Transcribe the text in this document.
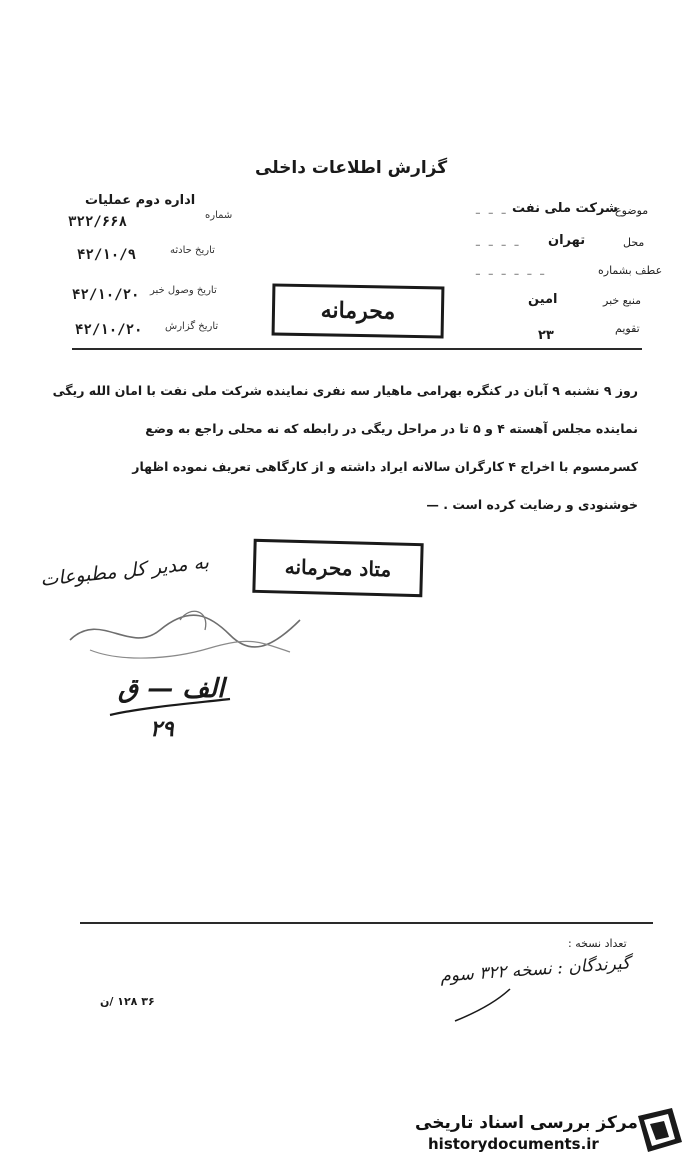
گزارش اطلاعات داخلی
موضوع
شرکت ملی نفت
- - -
محل
تهران
- - - -
عطف بشماره
- - - - - -
منبع خبر
امین
تقویم
۲۳
اداره دوم عملیات
شماره
۳۲۲/۶۶۸
تاریخ حادثه
۴۲/۱۰/۹
تاریخ وصول خبر
۴۲/۱۰/۲۰
تاریخ گزارش
۴۲/۱۰/۲۰
محرمانه
روز ۹ نشنبه ۹ آبان در کنگره بهرامی ماهیار سه نفری نماینده شرکت ملی نفت با امان الله ریگی
نماینده مجلس آهسته ۴ و ۵ تا در مراحل ریگی در رابطه که نه محلی راجع به وضع
کسرمسوم با اخراج ۴ کارگران سالانه ایراد داشته و از کارگاهی تعریف نموده اظهار
خوشنودی و رضایت کرده است . —
متاد محرمانه
به مدیر کل مطبوعات
الف — ق
۲۹
تعداد نسخه :
گیرندگان : نسخه ۳۲۲ سوم
۳۶ ۱۲۸ /ن
مرکز بررسی اسناد تاریخی
historydocuments.ir
